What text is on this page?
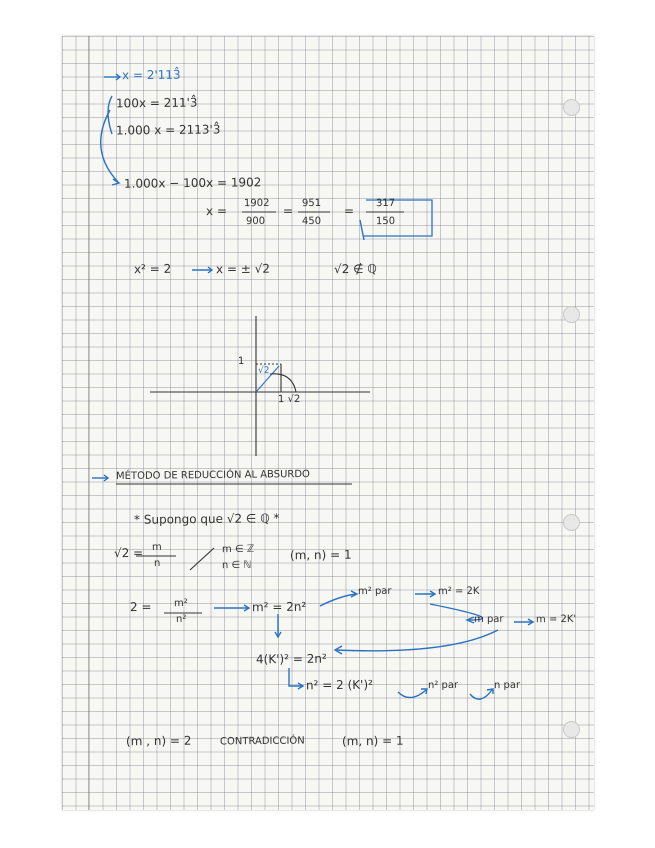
x = 2'113̂
100x = 211'3̂
1.000 x = 2113'3̂
1.000x − 100x = 1902
x =
1902
900
=
951
450
=
317
150
x² = 2	x = ± √2	√2 ∉ ℚ
1
√2
1 √2
MÉTODO DE REDUCCIÓN AL ABSURDO
* Supongo que √2 ∈ ℚ *
√2 = m
n
m ∈ ℤ
n ∈ ℕ
(m, n) = 1
2 = m²
n²
m² = 2n²
m² par	m² = 2K
m par	m = 2K'
4(K')² = 2n²
n² = 2 (K')²	n² par	n par
(m , n) = 2	CONTRADICCIÓN	(m, n) = 1
